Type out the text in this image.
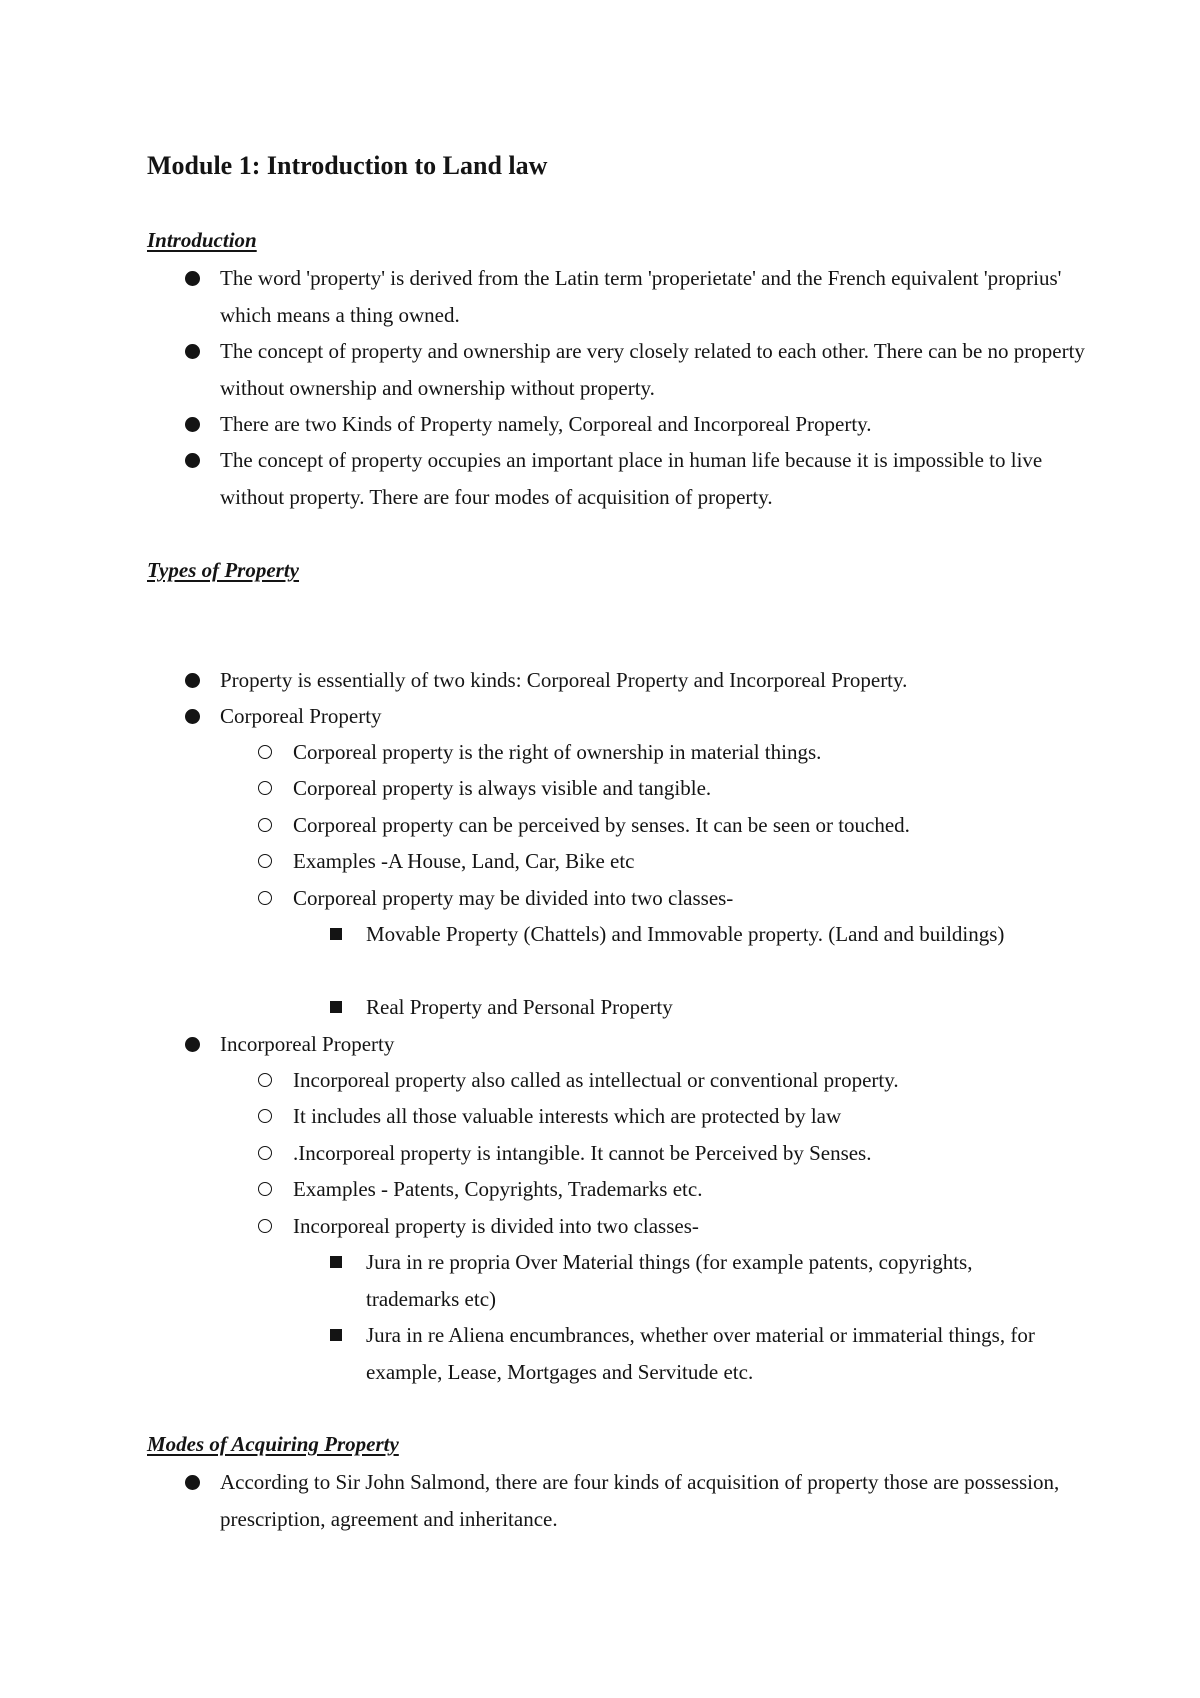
Module 1: Introduction to Land law
Introduction
The word 'property' is derived from the Latin term 'properietate' and the French equivalent 'proprius' which means a thing owned.
The concept of property and ownership are very closely related to each other. There can be no property without ownership and ownership without property.
There are two Kinds of Property namely, Corporeal and Incorporeal Property.
The concept of property occupies an important place in human life because it is impossible to live without property. There are four modes of acquisition of property.
Types of Property
Property is essentially of two kinds: Corporeal Property and Incorporeal Property.
Corporeal Property
Corporeal property is the right of ownership in material things.
Corporeal property is always visible and tangible.
Corporeal property can be perceived by senses. It can be seen or touched.
Examples -A House, Land, Car, Bike etc
Corporeal property may be divided into two classes-
Movable Property (Chattels) and Immovable property. (Land and buildings)
Real Property and Personal Property
Incorporeal Property
Incorporeal property also called as intellectual or conventional property.
It includes all those valuable interests which are protected by law
.Incorporeal property is intangible. It cannot be Perceived by Senses.
Examples - Patents, Copyrights, Trademarks etc.
Incorporeal property is divided into two classes-
Jura in re propria Over Material things (for example patents, copyrights, trademarks etc)
Jura in re Aliena encumbrances, whether over material or immaterial things, for example, Lease, Mortgages and Servitude etc.
Modes of Acquiring Property
According to Sir John Salmond, there are four kinds of acquisition of property those are possession, prescription, agreement and inheritance.
